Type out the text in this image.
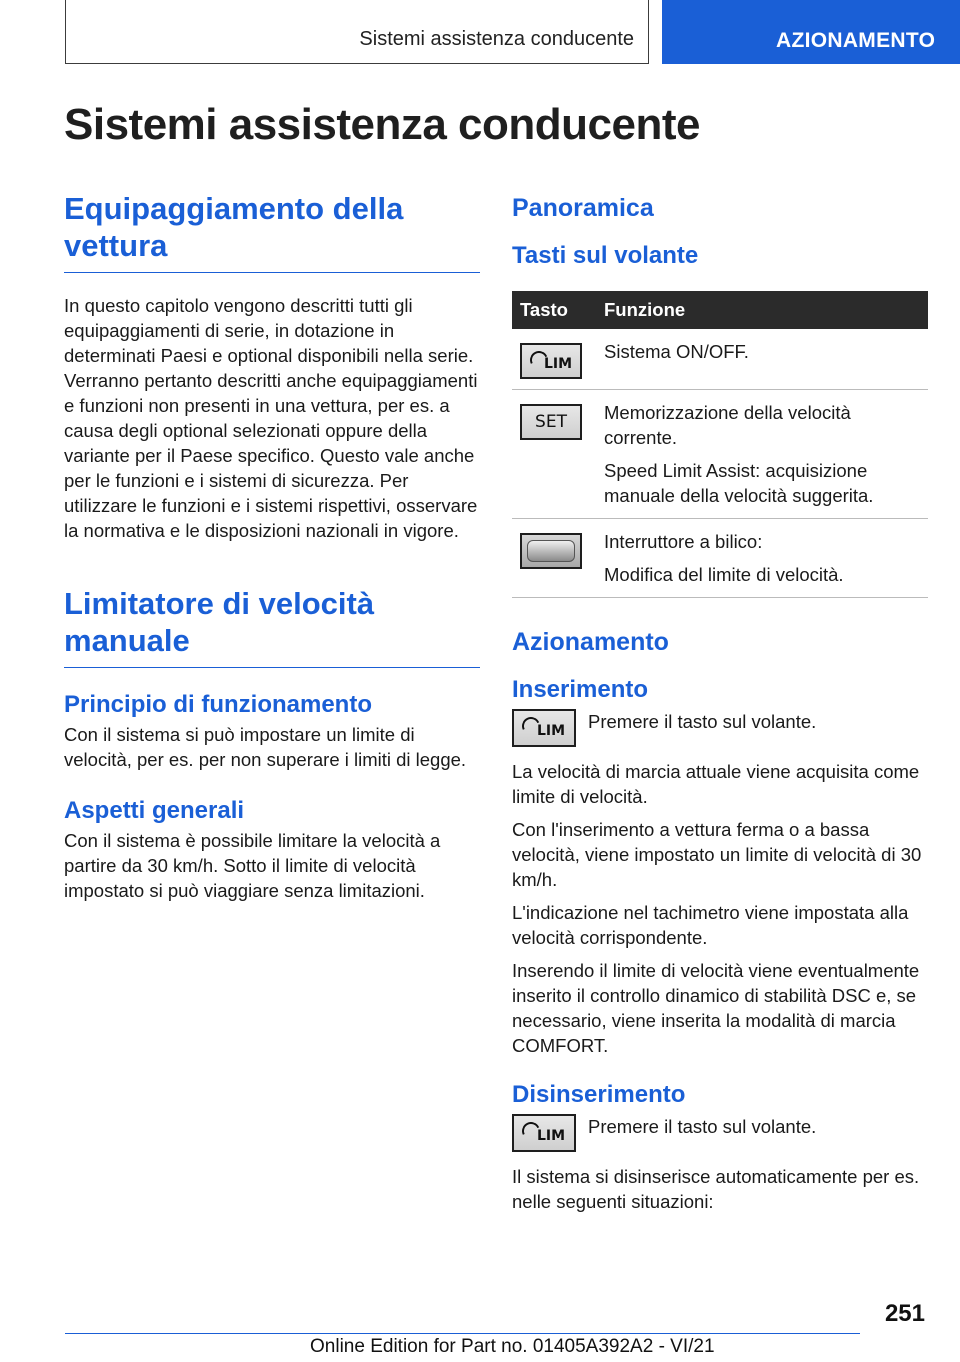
Sistemi assistenza conducente	AZIONAMENTO
Sistemi assistenza conducente
Equipaggiamento della vettura

In questo capitolo vengono descritti tutti gli equipaggiamenti di serie, in dotazione in determinati Paesi e optional disponibili nella serie. Verranno pertanto descritti anche equipaggiamenti e funzioni non presenti in una vettura, per es. a causa degli optional selezionati oppure della variante per il Paese specifico. Questo vale anche per le funzioni e i sistemi di sicurezza. Per utilizzare le funzioni e i sistemi rispettivi, osservare la normativa e le disposizioni nazionali in vigore.

Limitatore di velocità manuale
Principio di funzionamento

Con il sistema si può impostare un limite di velocità, per es. per non superare i limiti di legge.

Aspetti generali

Con il sistema è possibile limitare la velocità a partire da 30 km/h. Sotto il limite di velocità impostato si può viaggiare senza limitazioni.

Panoramica
Tasti sul volante
Tasto	Funzione

LIM	Sistema ON/OFF.

SET	Memorizzazione della velocità corrente.

Speed Limit Assist: acquisizione manuale della velocità suggerita.

	Interruttore a bilico:

Modifica del limite di velocità.

Azionamento
Inserimento
LIM Premere il tasto sul volante.

La velocità di marcia attuale viene acquisita come limite di velocità.

Con l'inserimento a vettura ferma o a bassa velocità, viene impostato un limite di velocità di 30 km/h.

L'indicazione nel tachimetro viene impostata alla velocità corrispondente.

Inserendo il limite di velocità viene eventualmente inserito il controllo dinamico di stabilità DSC e, se necessario, viene inserita la modalità di marcia COMFORT.

Disinserimento
LIM Premere il tasto sul volante.

Il sistema si disinserisce automaticamente per es. nelle seguenti situazioni:

251
Online Edition for Part no. 01405A392A2 - VI/21
